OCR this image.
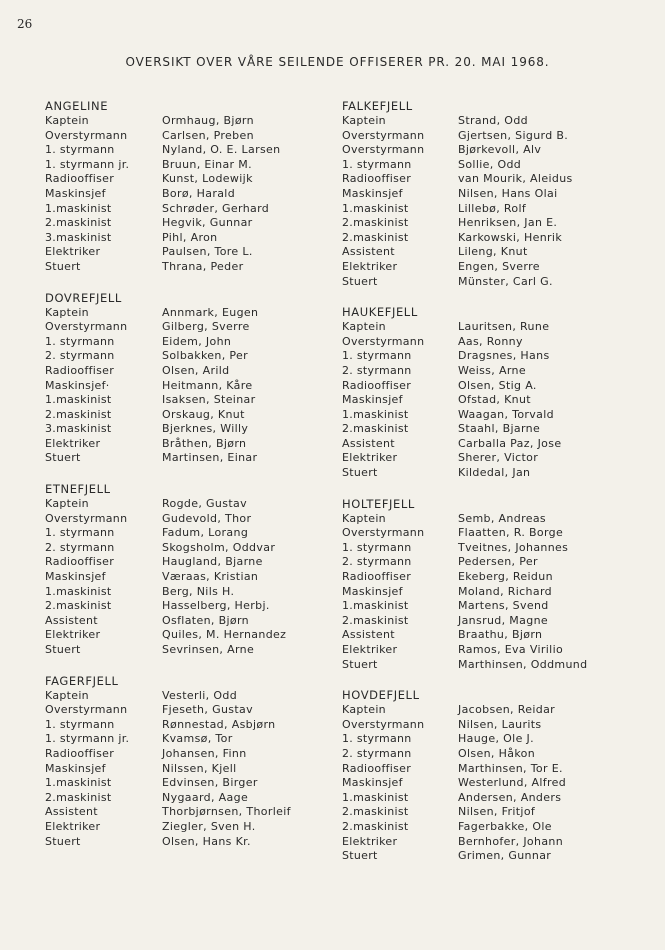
26
OVERSIKT OVER VÅRE SEILENDE OFFISERER PR. 20. MAI 1968.
ANGELINE
Kaptein	Ormhaug, Bjørn
Overstyrmann	Carlsen, Preben
1. styrmann	Nyland, O. E. Larsen
1. styrmann jr.	Bruun, Einar M.
Radiooffiser	Kunst, Lodewijk
Maskinsjef	Borø, Harald
1.maskinist	Schrøder, Gerhard
2.maskinist	Hegvik, Gunnar
3.maskinist	Pihl, Aron
Elektriker	Paulsen, Tore L.
Stuert	Thrana, Peder
DOVREFJELL
Kaptein	Annmark, Eugen
Overstyrmann	Gilberg, Sverre
1. styrmann	Eidem, John
2. styrmann	Solbakken, Per
Radiooffiser	Olsen, Arild
Maskinsjef·	Heitmann, Kåre
1.maskinist	Isaksen, Steinar
2.maskinist	Orskaug, Knut
3.maskinist	Bjerknes, Willy
Elektriker	Bråthen, Bjørn
Stuert	Martinsen, Einar
ETNEFJELL
Kaptein	Rogde, Gustav
Overstyrmann	Gudevold, Thor
1. styrmann	Fadum, Lorang
2. styrmann	Skogsholm, Oddvar
Radiooffiser	Haugland, Bjarne
Maskinsjef	Væraas, Kristian
1.maskinist	Berg, Nils H.
2.maskinist	Hasselberg, Herbj.
Assistent	Osflaten, Bjørn
Elektriker	Quiles, M. Hernandez
Stuert	Sevrinsen, Arne
FAGERFJELL
Kaptein	Vesterli, Odd
Overstyrmann	Fjeseth, Gustav
1. styrmann	Rønnestad, Asbjørn
1. styrmann jr.	Kvamsø, Tor
Radiooffiser	Johansen, Finn
Maskinsjef	Nilssen, Kjell
1.maskinist	Edvinsen, Birger
2.maskinist	Nygaard, Aage
Assistent	Thorbjørnsen, Thorleif
Elektriker	Ziegler, Sven H.
Stuert	Olsen, Hans Kr.
FALKEFJELL
Kaptein	Strand, Odd
Overstyrmann	Gjertsen, Sigurd B.
Overstyrmann	Bjørkevoll, Alv
1. styrmann	Sollie, Odd
Radiooffiser	van Mourik, Aleidus
Maskinsjef	Nilsen, Hans Olai
1.maskinist	Lillebø, Rolf
2.maskinist	Henriksen, Jan E.
2.maskinist	Karkowski, Henrik
Assistent	Lileng, Knut
Elektriker	Engen, Sverre
Stuert	Münster, Carl G.
HAUKEFJELL
Kaptein	Lauritsen, Rune
Overstyrmann	Aas, Ronny
1. styrmann	Dragsnes, Hans
2. styrmann	Weiss, Arne
Radiooffiser	Olsen, Stig A.
Maskinsjef	Ofstad, Knut
1.maskinist	Waagan, Torvald
2.maskinist	Staahl, Bjarne
Assistent	Carballa Paz, Jose
Elektriker	Sherer, Victor
Stuert	Kildedal, Jan
HOLTEFJELL
Kaptein	Semb, Andreas
Overstyrmann	Flaatten, R. Borge
1. styrmann	Tveitnes, Johannes
2. styrmann	Pedersen, Per
Radiooffiser	Ekeberg, Reidun
Maskinsjef	Moland, Richard
1.maskinist	Martens, Svend
2.maskinist	Jansrud, Magne
Assistent	Braathu, Bjørn
Elektriker	Ramos, Eva Virilio
Stuert	Marthinsen, Oddmund
HOVDEFJELL
Kaptein	Jacobsen, Reidar
Overstyrmann	Nilsen, Laurits
1. styrmann	Hauge, Ole J.
2. styrmann	Olsen, Håkon
Radiooffiser	Marthinsen, Tor E.
Maskinsjef	Westerlund, Alfred
1.maskinist	Andersen, Anders
2.maskinist	Nilsen, Fritjof
2.maskinist	Fagerbakke, Ole
Elektriker	Bernhofer, Johann
Stuert	Grimen, Gunnar
